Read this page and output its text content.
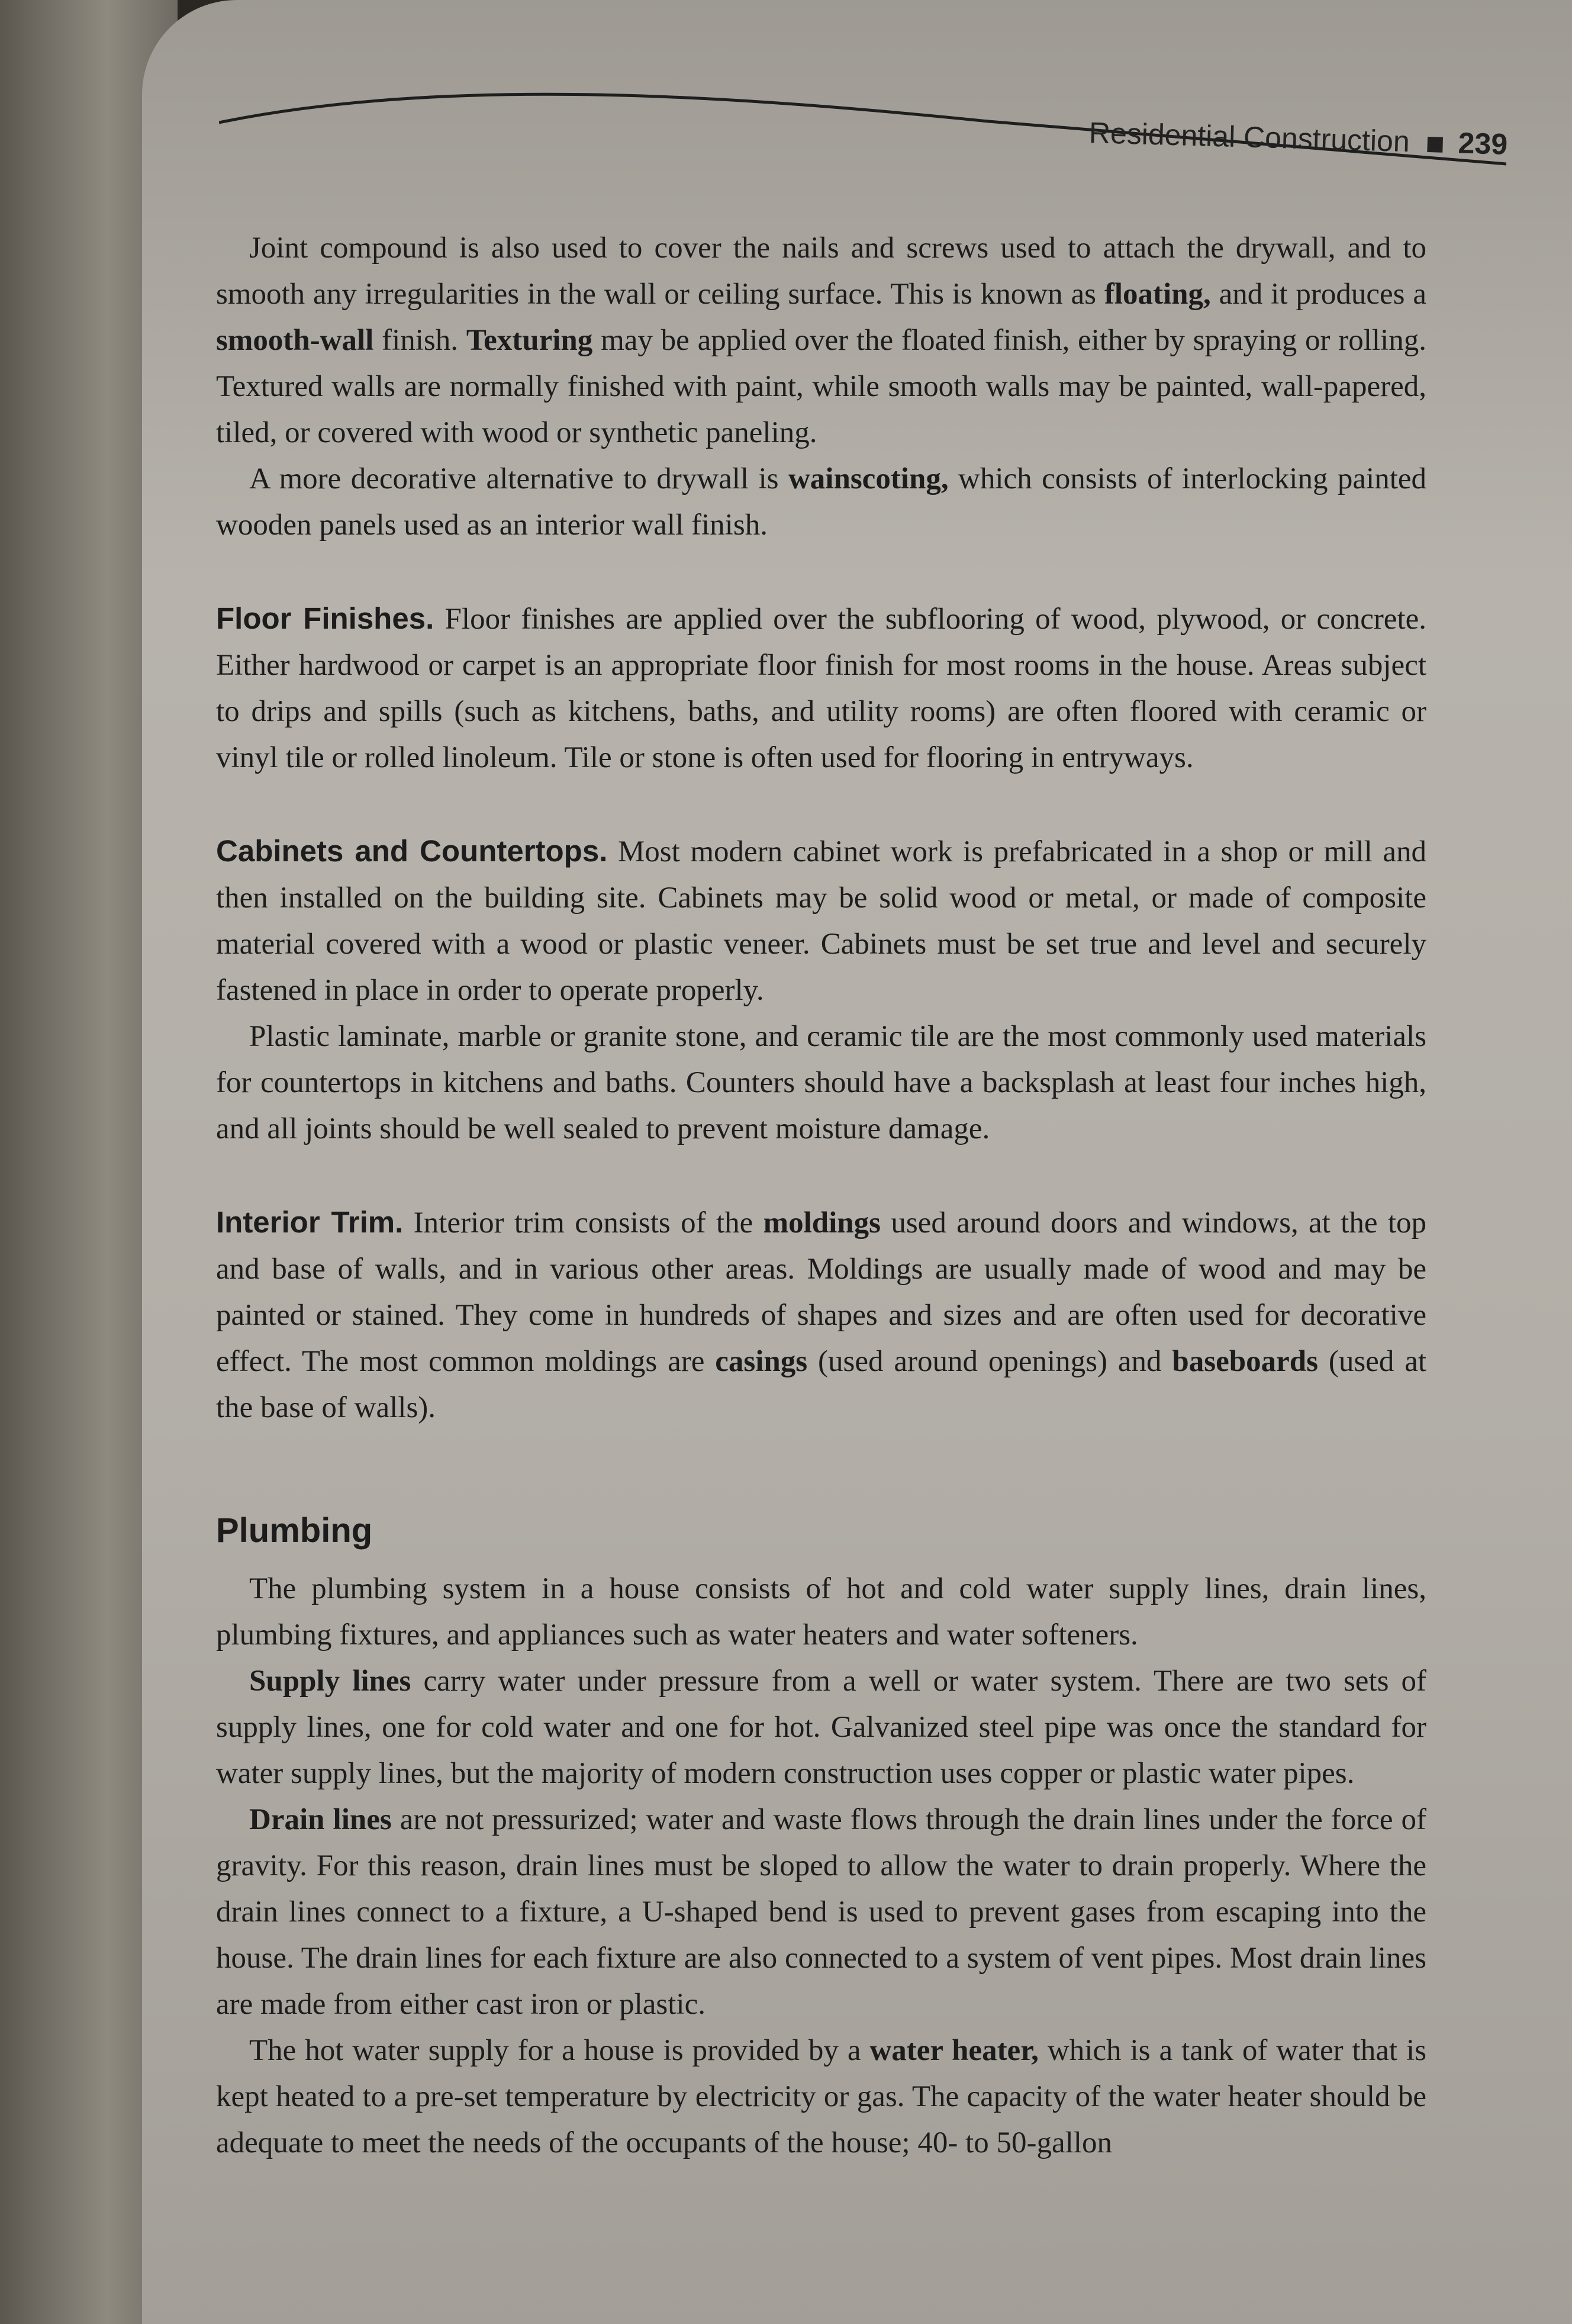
Residential Construction 239

Joint compound is also used to cover the nails and screws used to attach the drywall, and to smooth any irregularities in the wall or ceiling surface. This is known as floating, and it produces a smooth-wall finish. Texturing may be applied over the floated finish, either by spraying or rolling. Textured walls are normally finished with paint, while smooth walls may be painted, wall-papered, tiled, or covered with wood or synthetic paneling.

A more decorative alternative to drywall is wainscoting, which consists of interlocking painted wooden panels used as an interior wall finish.

Floor Finishes. Floor finishes are applied over the subflooring of wood, plywood, or concrete. Either hardwood or carpet is an appropriate floor finish for most rooms in the house. Areas subject to drips and spills (such as kitchens, baths, and utility rooms) are often floored with ceramic or vinyl tile or rolled linoleum. Tile or stone is often used for flooring in entryways.

Cabinets and Countertops. Most modern cabinet work is prefabricated in a shop or mill and then installed on the building site. Cabinets may be solid wood or metal, or made of composite material covered with a wood or plastic veneer. Cabinets must be set true and level and securely fastened in place in order to operate properly.

Plastic laminate, marble or granite stone, and ceramic tile are the most commonly used materials for countertops in kitchens and baths. Counters should have a backsplash at least four inches high, and all joints should be well sealed to prevent moisture damage.

Interior Trim. Interior trim consists of the moldings used around doors and windows, at the top and base of walls, and in various other areas. Moldings are usually made of wood and may be painted or stained. They come in hundreds of shapes and sizes and are often used for decorative effect. The most common moldings are casings (used around openings) and baseboards (used at the base of walls).

Plumbing

The plumbing system in a house consists of hot and cold water supply lines, drain lines, plumbing fixtures, and appliances such as water heaters and water softeners.

Supply lines carry water under pressure from a well or water system. There are two sets of supply lines, one for cold water and one for hot. Galvanized steel pipe was once the standard for water supply lines, but the majority of modern construction uses copper or plastic water pipes.

Drain lines are not pressurized; water and waste flows through the drain lines under the force of gravity. For this reason, drain lines must be sloped to allow the water to drain properly. Where the drain lines connect to a fixture, a U-shaped bend is used to prevent gases from escaping into the house. The drain lines for each fixture are also connected to a system of vent pipes. Most drain lines are made from either cast iron or plastic.

The hot water supply for a house is provided by a water heater, which is a tank of water that is kept heated to a pre-set temperature by electricity or gas. The capacity of the water heater should be adequate to meet the needs of the occupants of the house; 40- to 50-gallon
